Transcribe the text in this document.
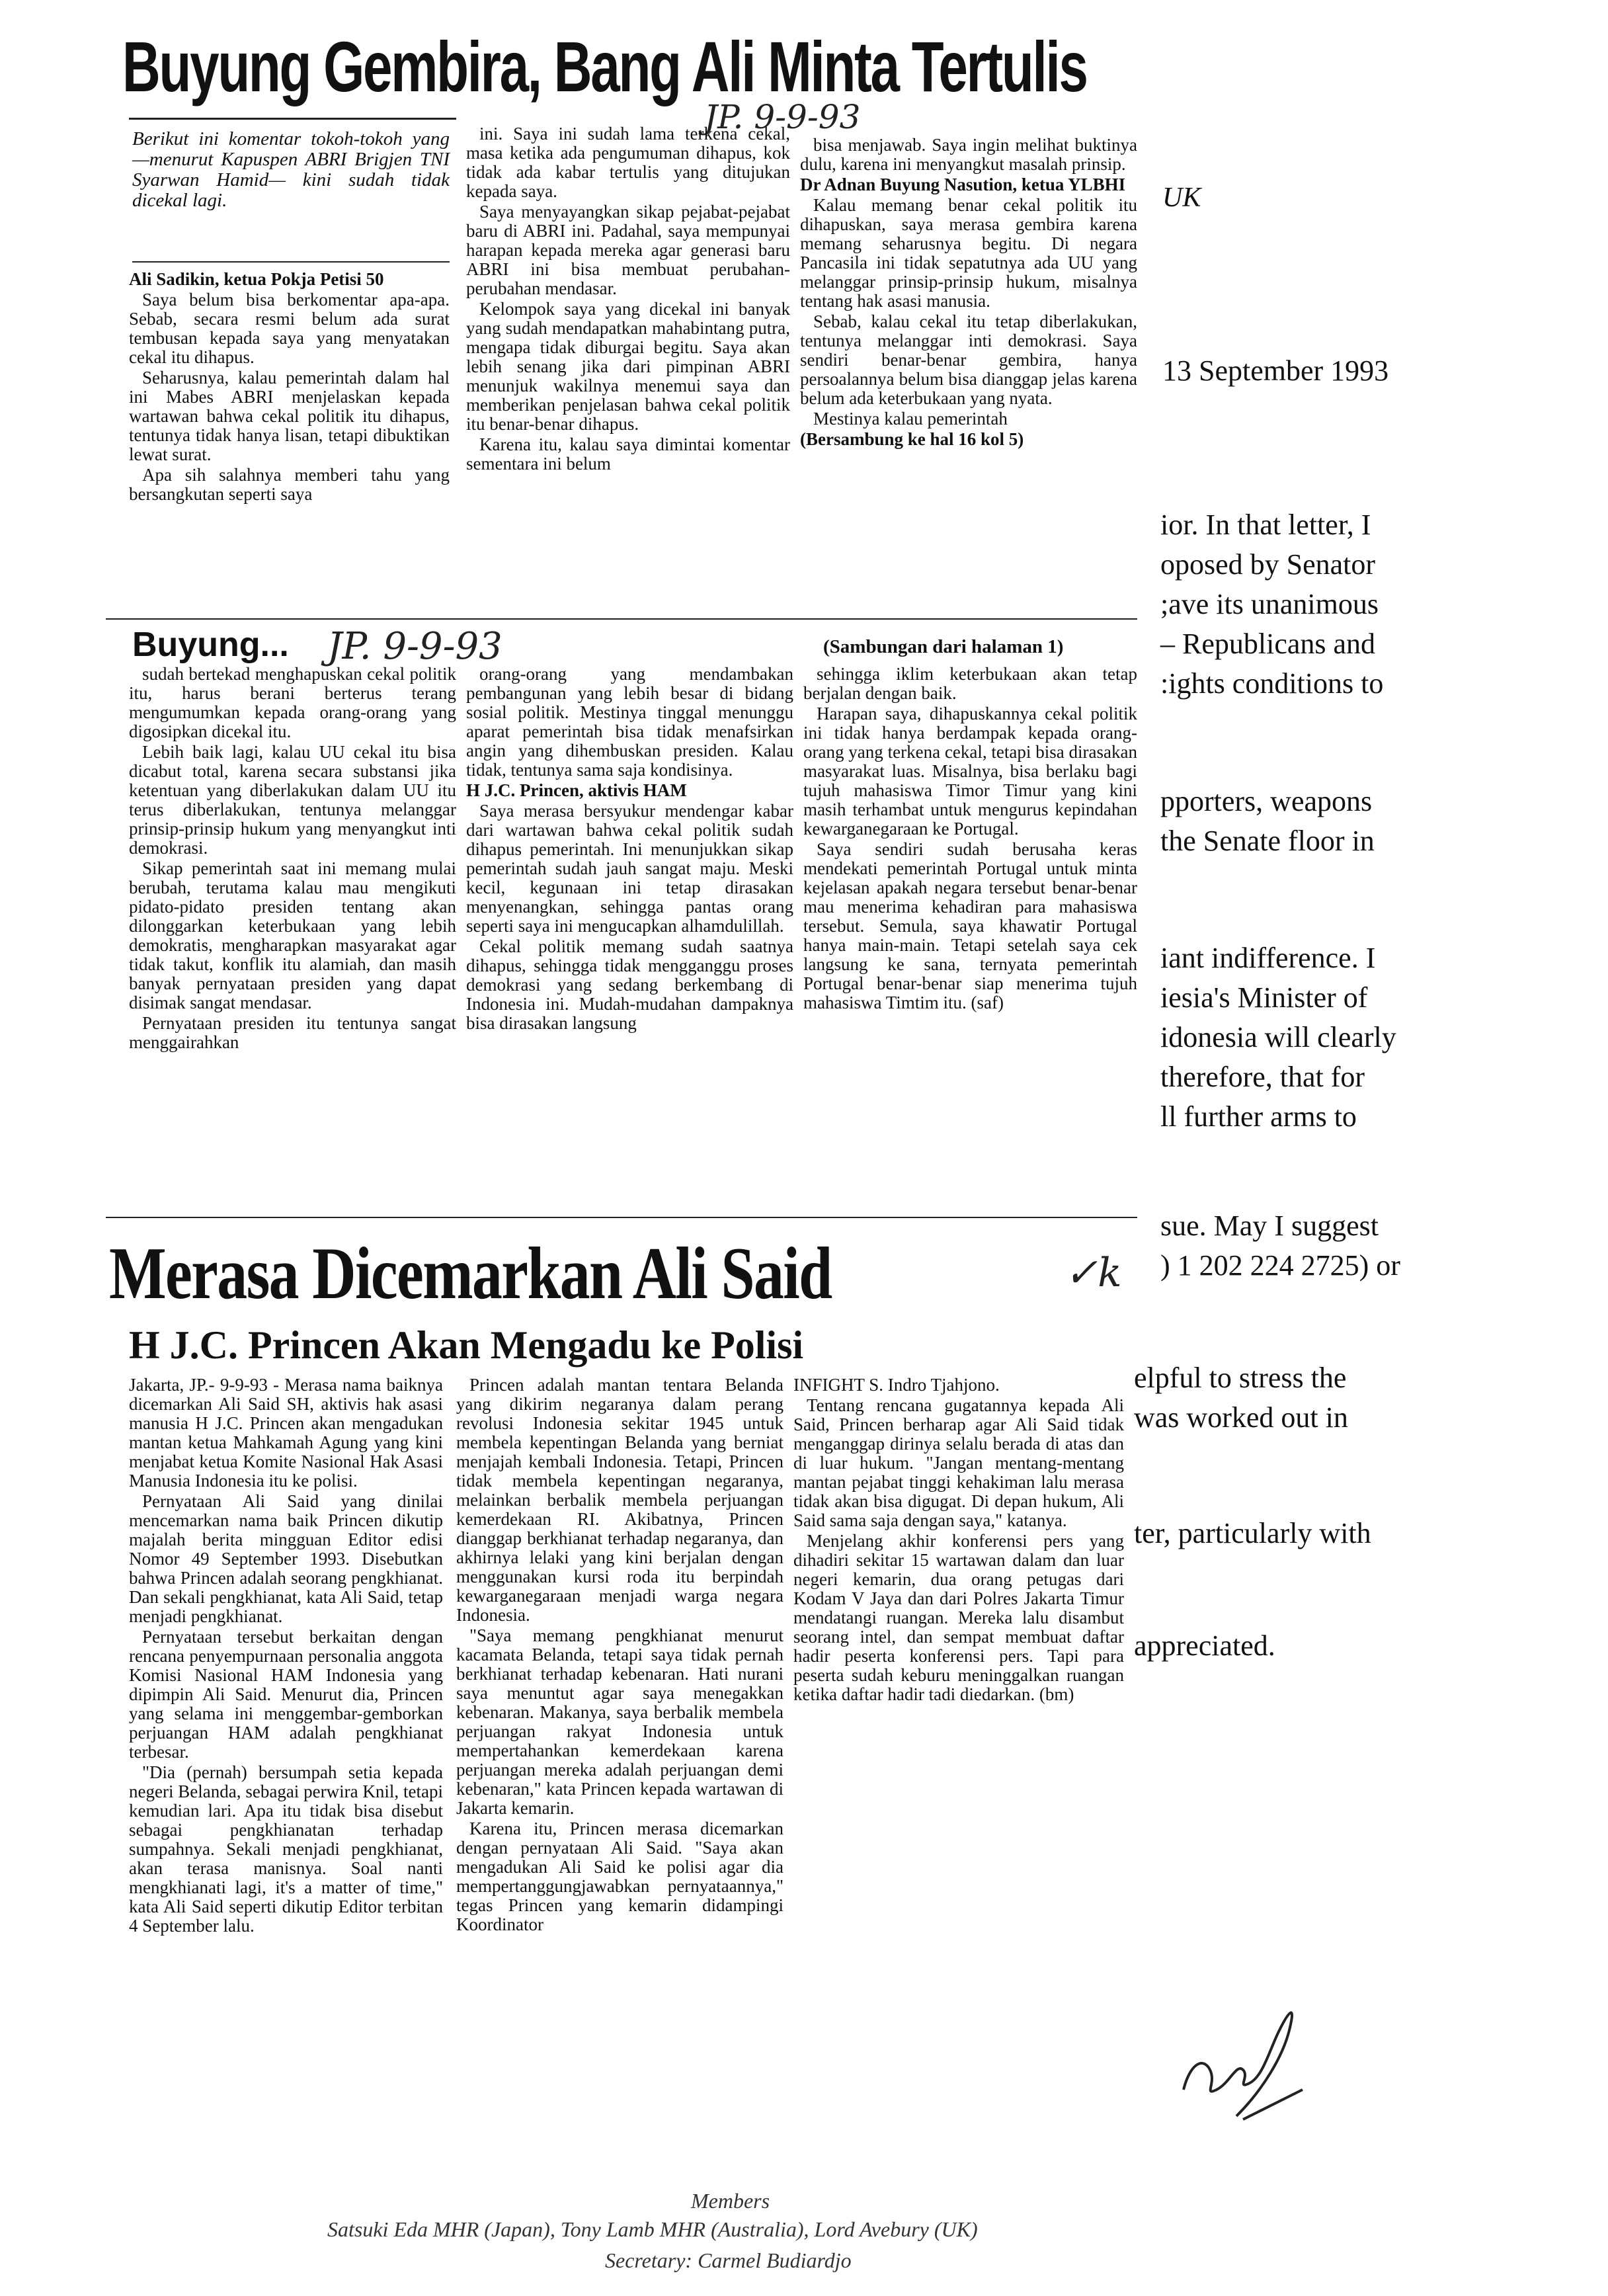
UK
13 September 1993
ior. In that letter, I
oposed by Senator
;ave its unanimous
– Republicans and
:ights conditions to
pporters, weapons
the Senate floor in
iant indifference. I
iesia's Minister of
idonesia will clearly
therefore, that for
ll further arms to
sue. May I suggest
) 1 202 224 2725) or
elpful to stress the
was worked out in
ter, particularly with
appreciated.
Members
Satsuki Eda MHR (Japan), Tony Lamb MHR (Australia), Lord Avebury (UK)
Secretary: Carmel Budiardjo
Buyung Gembira, Bang Ali Minta Tertulis
JP. 9-9-93
Berikut ini komentar tokoh-tokoh yang —menurut Kapuspen ABRI Brigjen TNI Syarwan Hamid— kini sudah tidak dicekal lagi.

Ali Sadikin, ketua Pokja Petisi 50

Saya belum bisa berkomentar apa-apa. Sebab, secara resmi belum ada surat tembusan kepada saya yang menyatakan cekal itu dihapus.

Seharusnya, kalau pemerintah dalam hal ini Mabes ABRI menjelaskan kepada wartawan bahwa cekal politik itu dihapus, tentunya tidak hanya lisan, tetapi dibuktikan lewat surat.

Apa sih salahnya memberi tahu yang bersangkutan seperti saya

ini. Saya ini sudah lama terkena cekal, masa ketika ada pengumuman dihapus, kok tidak ada kabar tertulis yang ditujukan kepada saya.

Saya menyayangkan sikap pejabat-pejabat baru di ABRI ini. Padahal, saya mempunyai harapan kepada mereka agar generasi baru ABRI ini bisa membuat perubahan-perubahan mendasar.

Kelompok saya yang dicekal ini banyak yang sudah mendapatkan mahabintang putra, mengapa tidak diburgai begitu. Saya akan lebih senang jika dari pimpinan ABRI menunjuk wakilnya menemui saya dan memberikan penjelasan bahwa cekal politik itu benar-benar dihapus.

Karena itu, kalau saya dimintai komentar sementara ini belum

bisa menjawab. Saya ingin melihat buktinya dulu, karena ini menyangkut masalah prinsip.

Dr Adnan Buyung Nasution, ketua YLBHI

Kalau memang benar cekal politik itu dihapuskan, saya merasa gembira karena memang seharusnya begitu. Di negara Pancasila ini tidak sepatutnya ada UU yang melanggar prinsip-prinsip hukum, misalnya tentang hak asasi manusia.

Sebab, kalau cekal itu tetap diberlakukan, tentunya melanggar inti demokrasi. Saya sendiri benar-benar gembira, hanya persoalannya belum bisa dianggap jelas karena belum ada keterbukaan yang nyata.

Mestinya kalau pemerintah

(Bersambung ke hal 16 kol 5)

Buyung... JP. 9-9-93	(Sambungan dari halaman 1)

sudah bertekad menghapuskan cekal politik itu, harus berani berterus terang mengumumkan kepada orang-orang yang digosipkan dicekal itu.

Lebih baik lagi, kalau UU cekal itu bisa dicabut total, karena secara substansi jika ketentuan yang diberlakukan dalam UU itu terus diberlakukan, tentunya melanggar prinsip-prinsip hukum yang menyangkut inti demokrasi.

Sikap pemerintah saat ini memang mulai berubah, terutama kalau mau mengikuti pidato-pidato presiden tentang akan dilonggarkan keterbukaan yang lebih demokratis, mengharapkan masyarakat agar tidak takut, konflik itu alamiah, dan masih banyak pernyataan presiden yang dapat disimak sangat mendasar.

Pernyataan presiden itu tentunya sangat menggairahkan

orang-orang yang mendambakan pembangunan yang lebih besar di bidang sosial politik. Mestinya tinggal menunggu aparat pemerintah bisa tidak menafsirkan angin yang dihembuskan presiden. Kalau tidak, tentunya sama saja kondisinya.

H J.C. Princen, aktivis HAM

Saya merasa bersyukur mendengar kabar dari wartawan bahwa cekal politik sudah dihapus pemerintah. Ini menunjukkan sikap pemerintah sudah jauh sangat maju. Meski kecil, kegunaan ini tetap dirasakan menyenangkan, sehingga pantas orang seperti saya ini mengucapkan alhamdulillah.

Cekal politik memang sudah saatnya dihapus, sehingga tidak mengganggu proses demokrasi yang sedang berkembang di Indonesia ini. Mudah-mudahan dampaknya bisa dirasakan langsung

sehingga iklim keterbukaan akan tetap berjalan dengan baik.

Harapan saya, dihapuskannya cekal politik ini tidak hanya berdampak kepada orang-orang yang terkena cekal, tetapi bisa dirasakan masyarakat luas. Misalnya, bisa berlaku bagi tujuh mahasiswa Timor Timur yang kini masih terhambat untuk mengurus kepindahan kewarganegaraan ke Portugal.

Saya sendiri sudah berusaha keras mendekati pemerintah Portugal untuk minta kejelasan apakah negara tersebut benar-benar mau menerima kehadiran para mahasiswa tersebut. Semula, saya khawatir Portugal hanya main-main. Tetapi setelah saya cek langsung ke sana, ternyata pemerintah Portugal benar-benar siap menerima tujuh mahasiswa Timtim itu. (saf)

Merasa Dicemarkan Ali Said	✓k
H J.C. Princen Akan Mengadu ke Polisi

Jakarta, JP.- 9-9-93 - Merasa nama baiknya dicemarkan Ali Said SH, aktivis hak asasi manusia H J.C. Princen akan mengadukan mantan ketua Mahkamah Agung yang kini menjabat ketua Komite Nasional Hak Asasi Manusia Indonesia itu ke polisi.

Pernyataan Ali Said yang dinilai mencemarkan nama baik Princen dikutip majalah berita mingguan Editor edisi Nomor 49 September 1993. Disebutkan bahwa Princen adalah seorang pengkhianat. Dan sekali pengkhianat, kata Ali Said, tetap menjadi pengkhianat.

Pernyataan tersebut berkaitan dengan rencana penyempurnaan personalia anggota Komisi Nasional HAM Indonesia yang dipimpin Ali Said. Menurut dia, Princen yang selama ini menggembar-gemborkan perjuangan HAM adalah pengkhianat terbesar.

"Dia (pernah) bersumpah setia kepada negeri Belanda, sebagai perwira Knil, tetapi kemudian lari. Apa itu tidak bisa disebut sebagai pengkhianatan terhadap sumpahnya. Sekali menjadi pengkhianat, akan terasa manisnya. Soal nanti mengkhianati lagi, it's a matter of time," kata Ali Said seperti dikutip Editor terbitan 4 September lalu.

Princen adalah mantan tentara Belanda yang dikirim negaranya dalam perang revolusi Indonesia sekitar 1945 untuk membela kepentingan Belanda yang berniat menjajah kembali Indonesia. Tetapi, Princen tidak membela kepentingan negaranya, melainkan berbalik membela perjuangan kemerdekaan RI. Akibatnya, Princen dianggap berkhianat terhadap negaranya, dan akhirnya lelaki yang kini berjalan dengan menggunakan kursi roda itu berpindah kewarganegaraan menjadi warga negara Indonesia.

"Saya memang pengkhianat menurut kacamata Belanda, tetapi saya tidak pernah berkhianat terhadap kebenaran. Hati nurani saya menuntut agar saya menegakkan kebenaran. Makanya, saya berbalik membela perjuangan rakyat Indonesia untuk mempertahankan kemerdekaan karena perjuangan mereka adalah perjuangan demi kebenaran," kata Princen kepada wartawan di Jakarta kemarin.

Karena itu, Princen merasa dicemarkan dengan pernyataan Ali Said. "Saya akan mengadukan Ali Said ke polisi agar dia mempertanggungjawabkan pernyataannya," tegas Princen yang kemarin didampingi Koordinator

INFIGHT S. Indro Tjahjono.

Tentang rencana gugatannya kepada Ali Said, Princen berharap agar Ali Said tidak menganggap dirinya selalu berada di atas dan di luar hukum. "Jangan mentang-mentang mantan pejabat tinggi kehakiman lalu merasa tidak akan bisa digugat. Di depan hukum, Ali Said sama saja dengan saya," katanya.

Menjelang akhir konferensi pers yang dihadiri sekitar 15 wartawan dalam dan luar negeri kemarin, dua orang petugas dari Kodam V Jaya dan dari Polres Jakarta Timur mendatangi ruangan. Mereka lalu disambut seorang intel, dan sempat membuat daftar hadir peserta konferensi pers. Tapi para peserta sudah keburu meninggalkan ruangan ketika daftar hadir tadi diedarkan. (bm)
